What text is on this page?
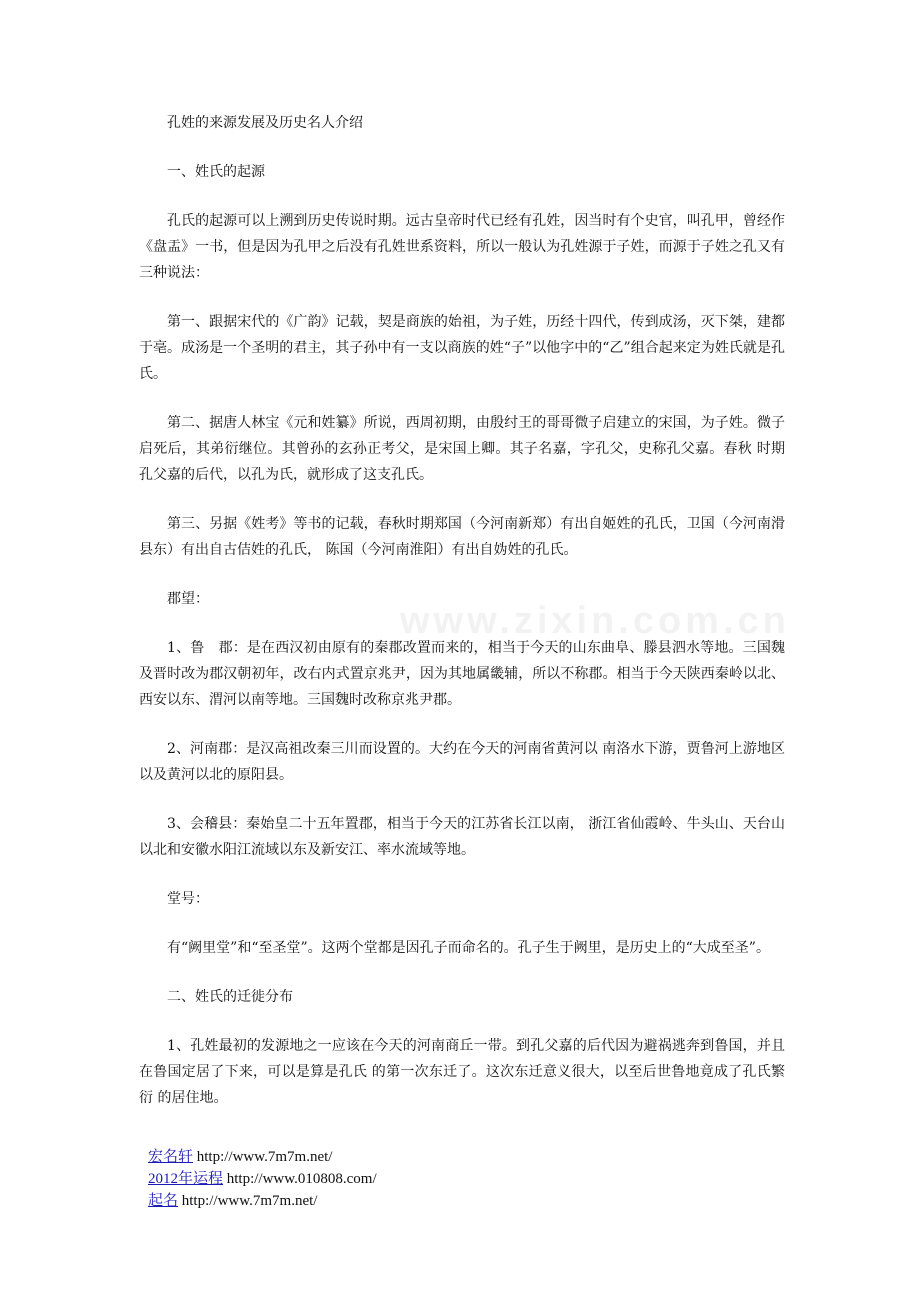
www.zixin.com.cn

孔姓的来源发展及历史名人介绍

一、姓氏的起源

孔氏的起源可以上溯到历史传说时期。远古皇帝时代已经有孔姓，因当时有个史官，叫孔甲，曾经作《盘盂》一书，但是因为孔甲之后没有孔姓世系资料，所以一般认为孔姓源于子姓，而源于子姓之孔又有三种说法：

第一、跟据宋代的《广韵》记载，契是商族的始祖，为子姓，历经十四代，传到成汤，灭下桀，建都于亳。成汤是一个圣明的君主，其子孙中有一支以商族的姓“子”以他字中的“乙”组合起来定为姓氏就是孔氏。

第二、据唐人林宝《元和姓纂》所说，西周初期，由殷纣王的哥哥微子启建立的宋国，为子姓。微子启死后，其弟衍继位。其曾孙的玄孙正考父，是宋国上卿。其子名嘉，字孔父，史称孔父嘉。春秋 时期孔父嘉的后代，以孔为氏，就形成了这支孔氏。

第三、另据《姓考》等书的记载，春秋时期郑国（今河南新郑）有出自姬姓的孔氏，卫国（今河南滑县东）有出自古佶姓的孔氏， 陈国（今河南淮阳）有出自妫姓的孔氏。

郡望：

1、鲁　郡：是在西汉初由原有的秦郡改置而来的，相当于今天的山东曲阜、滕县泗水等地。三国魏及晋时改为郡汉朝初年，改右内式置京兆尹，因为其地属畿辅，所以不称郡。相当于今天陕西秦岭以北、西安以东、渭河以南等地。三国魏时改称京兆尹郡。

2、河南郡：是汉高祖改秦三川而设置的。大约在今天的河南省黄河以 南洛水下游，贾鲁河上游地区以及黄河以北的原阳县。

3、会稽县：秦始皇二十五年置郡，相当于今天的江苏省长江以南， 浙江省仙霞岭、牛头山、天台山以北和安徽水阳江流域以东及新安江、率水流域等地。

堂号：

有“阙里堂”和“至圣堂”。这两个堂都是因孔子而命名的。孔子生于阙里，是历史上的“大成至圣”。

二、姓氏的迁徙分布

1、孔姓最初的发源地之一应该在今天的河南商丘一带。到孔父嘉的后代因为避祸逃奔到鲁国，并且在鲁国定居了下来，可以是算是孔氏 的第一次东迁了。这次东迁意义很大，以至后世鲁地竟成了孔氏繁衍 的居住地。

宏名轩 http://www.7m7m.net/
2012年运程 http://www.010808.com/
起名 http://www.7m7m.net/
